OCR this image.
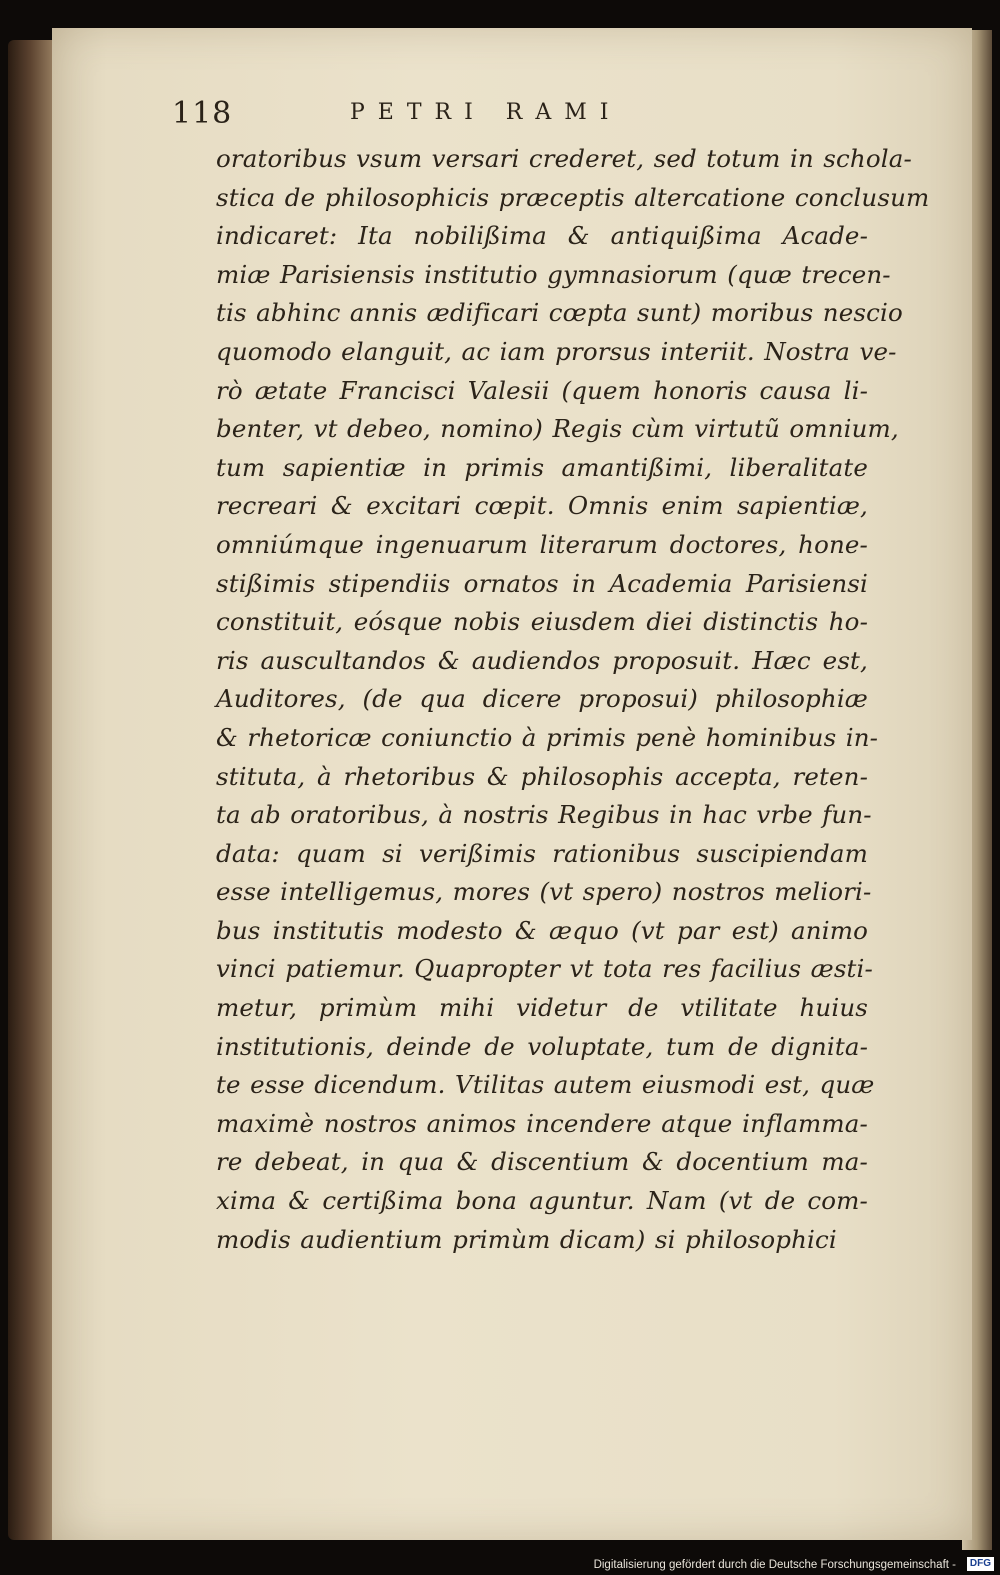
118	PETRI RAMI
oratoribus vsum versari crederet, sed totum in schola-
stica de philosophicis præceptis altercatione conclusum
indicaret: Ita nobilißima & antiquißima Acade-
miæ Parisiensis institutio gymnasiorum (quæ trecen-
tis abhinc annis ædificari cœpta sunt) moribus nescio
quomodo elanguit, ac iam prorsus interiit. Nostra ve-
rò ætate Francisci Valesii (quem honoris causa li-
benter, vt debeo, nomino) Regis cùm virtutũ omnium,
tum sapientiæ in primis amantißimi, liberalitate
recreari & excitari cœpit. Omnis enim sapientiæ,
omniúmque ingenuarum literarum doctores, hone-
stißimis stipendiis ornatos in Academia Parisiensi
constituit, eósque nobis eiusdem diei distinctis ho-
ris auscultandos & audiendos proposuit. Hæc est,
Auditores, (de qua dicere proposui) philosophiæ
& rhetoricæ coniunctio à primis penè hominibus in-
stituta, à rhetoribus & philosophis accepta, reten-
ta ab oratoribus, à nostris Regibus in hac vrbe fun-
data: quam si verißimis rationibus suscipiendam
esse intelligemus, mores (vt spero) nostros meliori-
bus institutis modesto & æquo (vt par est) animo
vinci patiemur. Quapropter vt tota res facilius æsti-
metur, primùm mihi videtur de vtilitate huius
institutionis, deinde de voluptate, tum de dignita-
te esse dicendum. Vtilitas autem eiusmodi est, quæ
maximè nostros animos incendere atque inflamma-
re debeat, in qua & discentium & docentium ma-
xima & certißima bona aguntur. Nam (vt de com-
modis audientium primùm dicam) si philosophici
Digitalisierung gefördert durch die Deutsche Forschungsgemeinschaft -	DFG
